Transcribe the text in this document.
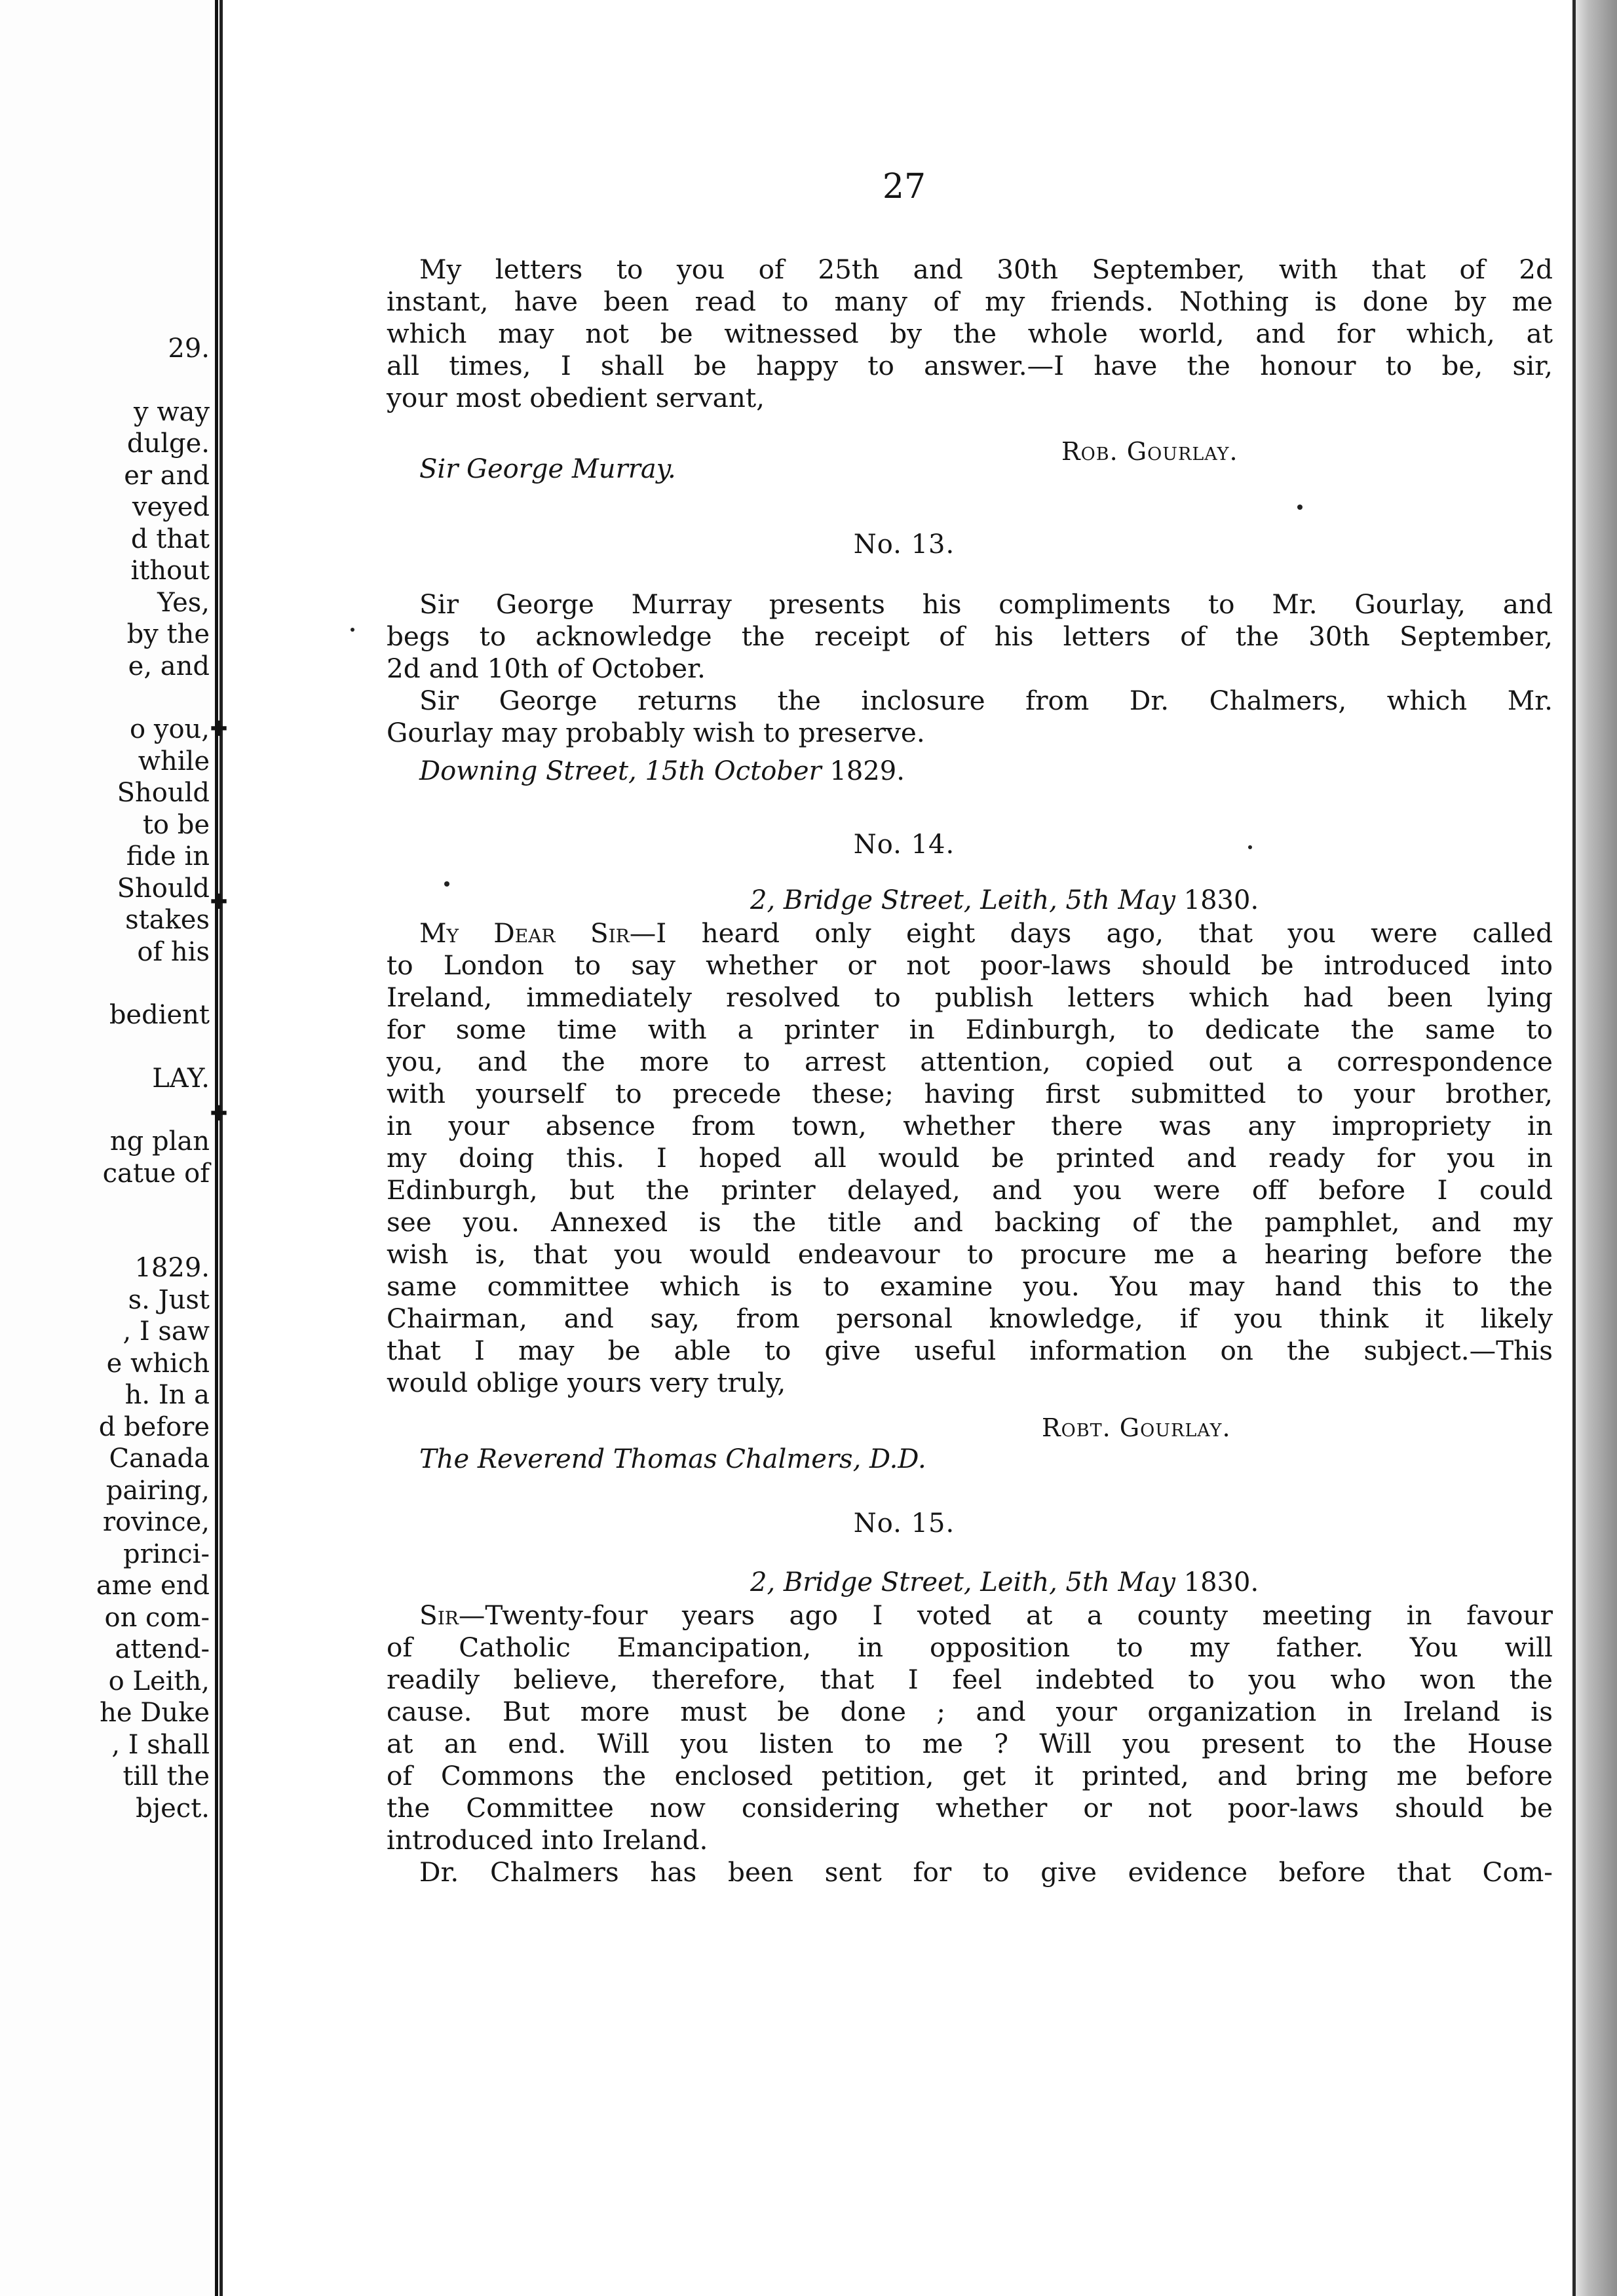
29.
y way
dulge.
er and
veyed
d that
ithout
Yes,
by the
e, and
o you,
while
Should
to be
fide in
Should
stakes
of his
bedient
LAY.
ng plan
catue of
1829.
s. Just
, I saw
e which
h. In a
d before
Canada
pairing,
rovince,
princi-
ame end
on com-
attend-
o Leith,
he Duke
, I shall
till the
bject.
✚
✚
✚
27
My letters to you of 25th and 30th September, with that of 2d
instant, have been read to many of my friends. Nothing is done by me
which may not be witnessed by the whole world, and for which, at
all times, I shall be happy to answer.—I have the honour to be, sir,
your most obedient servant,
Rob. Gourlay.
Sir George Murray.
No. 13.
Sir George Murray presents his compliments to Mr. Gourlay, and
begs to acknowledge the receipt of his letters of the 30th September,
2d and 10th of October.
Sir George returns the inclosure from Dr. Chalmers, which Mr.
Gourlay may probably wish to preserve.
Downing Street, 15th October 1829.
No. 14.
2, Bridge Street, Leith, 5th May 1830.
My Dear Sir—I heard only eight days ago, that you were called
to London to say whether or not poor-laws should be introduced into
Ireland, immediately resolved to publish letters which had been lying
for some time with a printer in Edinburgh, to dedicate the same to
you, and the more to arrest attention, copied out a correspondence
with yourself to precede these; having first submitted to your brother,
in your absence from town, whether there was any impropriety in
my doing this. I hoped all would be printed and ready for you in
Edinburgh, but the printer delayed, and you were off before I could
see you. Annexed is the title and backing of the pamphlet, and my
wish is, that you would endeavour to procure me a hearing before the
same committee which is to examine you. You may hand this to the
Chairman, and say, from personal knowledge, if you think it likely
that I may be able to give useful information on the subject.—This
would oblige yours very truly,
Robt. Gourlay.
The Reverend Thomas Chalmers, D.D.
No. 15.
2, Bridge Street, Leith, 5th May 1830.
Sir—Twenty-four years ago I voted at a county meeting in favour
of Catholic Emancipation, in opposition to my father. You will
readily believe, therefore, that I feel indebted to you who won the
cause. But more must be done ; and your organization in Ireland is
at an end. Will you listen to me ? Will you present to the House
of Commons the enclosed petition, get it printed, and bring me before
the Committee now considering whether or not poor-laws should be
introduced into Ireland.
Dr. Chalmers has been sent for to give evidence before that Com-
